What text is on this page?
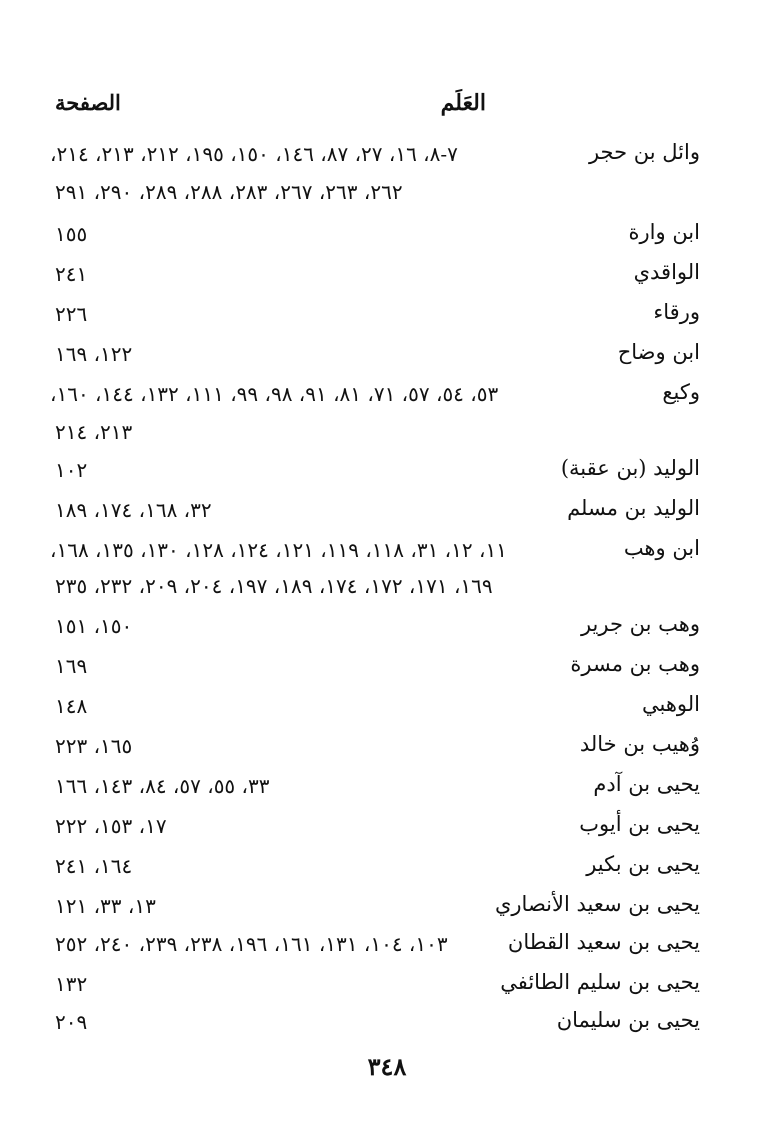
العَلَم
الصفحة
وائل بن حجر
٧-٨، ١٦، ٢٧، ٨٧، ١٤٦، ١٥٠، ١٩٥، ٢١٢، ٢١٣، ٢١٤،
٢٦٢، ٢٦٣، ٢٦٧، ٢٨٣، ٢٨٨، ٢٨٩، ٢٩٠، ٢٩١
ابن وارة
١٥٥
الواقدي
٢٤١
ورقاء
٢٢٦
ابن وضاح
١٢٢، ١٦٩
وكيع
٥٣، ٥٤، ٥٧، ٧١، ٨١، ٩١، ٩٨، ٩٩، ١١١، ١٣٢، ١٤٤، ١٦٠،
٢١٣، ٢١٤
الوليد (بن عقبة)
١٠٢
الوليد بن مسلم
٣٢، ١٦٨، ١٧٤، ١٨٩
ابن وهب
١١، ١٢، ٣١، ١١٨، ١١٩، ١٢١، ١٢٤، ١٢٨، ١٣٠، ١٣٥، ١٦٨،
١٦٩، ١٧١، ١٧٢، ١٧٤، ١٨٩، ١٩٧، ٢٠٤، ٢٠٩، ٢٣٢، ٢٣٥
وهب بن جرير
١٥٠، ١٥١
وهب بن مسرة
١٦٩
الوهبي
١٤٨
وُهيب بن خالد
١٦٥، ٢٢٣
يحيى بن آدم
٣٣، ٥٥، ٥٧، ٨٤، ١٤٣، ١٦٦
يحيى بن أيوب
١٧، ١٥٣، ٢٢٢
يحيى بن بكير
١٦٤، ٢٤١
يحيى بن سعيد الأنصاري
١٣، ٣٣، ١٢١
يحيى بن سعيد القطان
١٠٣، ١٠٤، ١٣١، ١٦١، ١٩٦، ٢٣٨، ٢٣٩، ٢٤٠، ٢٥٢
يحيى بن سليم الطائفي
١٣٢
يحيى بن سليمان
٢٠٩
٣٤٨
